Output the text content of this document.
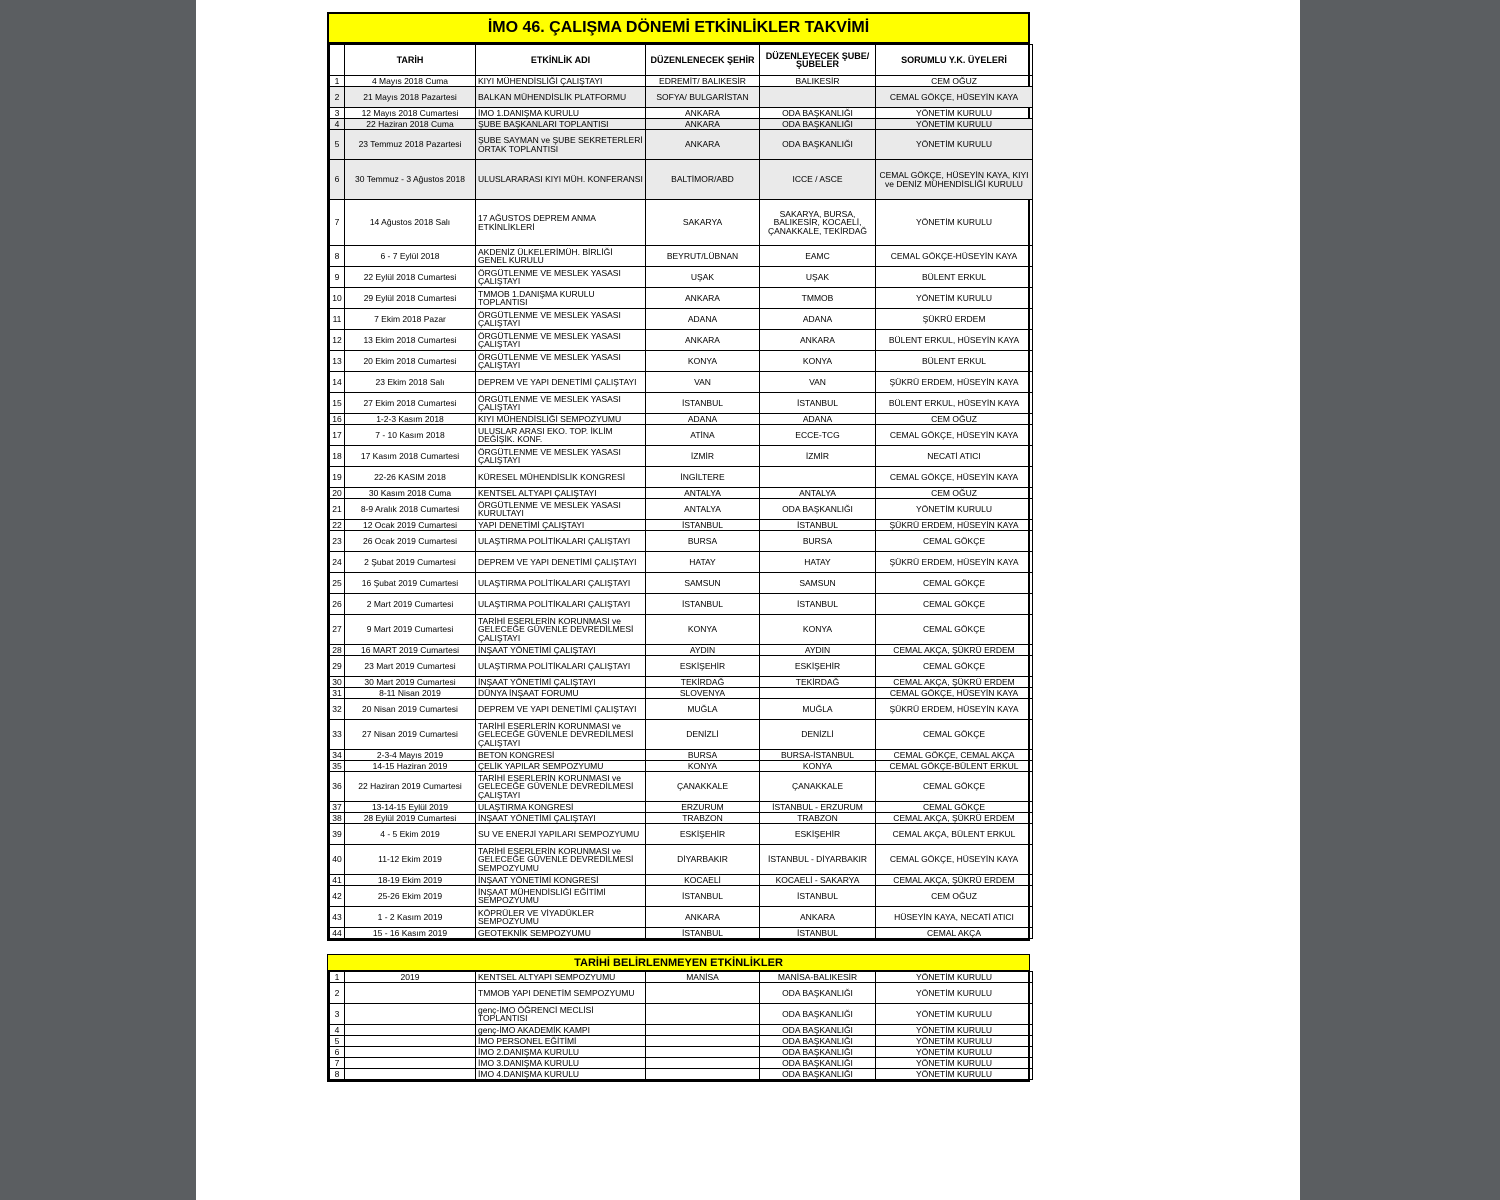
İMO 46. ÇALIŞMA DÖNEMİ ETKİNLİKLER TAKVİMİ
	TARİH	ETKİNLİK ADI	DÜZENLENECEK ŞEHİR	DÜZENLEYECEK ŞUBE/ ŞUBELER	SORUMLU Y.K. ÜYELERİ
1	4 Mayıs 2018 Cuma	KIYI MÜHENDİSLİĞİ ÇALIŞTAYI	EDREMİT/ BALIKESİR	BALIKESİR	CEM OĞUZ
2	21 Mayıs 2018 Pazartesi	BALKAN MÜHENDİSLİK PLATFORMU	SOFYA/ BULGARİSTAN		CEMAL GÖKÇE, HÜSEYİN KAYA
3	12 Mayıs 2018 Cumartesi	İMO 1.DANIŞMA KURULU	ANKARA	ODA BAŞKANLIĞI	YÖNETİM KURULU
4	22 Haziran 2018 Cuma	ŞUBE BAŞKANLARI TOPLANTISI	ANKARA	ODA BAŞKANLIĞI	YÖNETİM KURULU
5	23 Temmuz 2018 Pazartesi	ŞUBE SAYMAN ve ŞUBE SEKRETERLERİ ORTAK TOPLANTISI	ANKARA	ODA BAŞKANLIĞI	YÖNETİM KURULU
6	30 Temmuz - 3 Ağustos 2018	ULUSLARARASI KIYI MÜH. KONFERANSI	BALTİMOR/ABD	ICCE / ASCE	CEMAL GÖKÇE, HÜSEYİN KAYA, KIYI ve DENİZ MÜHENDİSLİĞİ KURULU
7	14 Ağustos 2018 Salı	17 AĞUSTOS DEPREM ANMA ETKİNLİKLERİ	SAKARYA	SAKARYA, BURSA, BALIKESİR, KOCAELİ, ÇANAKKALE, TEKİRDAĞ	YÖNETİM KURULU
8	6 - 7 Eylül 2018	AKDENİZ ÜLKELERİMÜH. BİRLİĞİ GENEL KURULU	BEYRUT/LÜBNAN	EAMC	CEMAL GÖKÇE-HÜSEYİN KAYA
9	22 Eylül 2018 Cumartesi	ÖRGÜTLENME VE MESLEK YASASI ÇALIŞTAYI	UŞAK	UŞAK	BÜLENT ERKUL
10	29 Eylül 2018 Cumartesi	TMMOB 1.DANIŞMA KURULU TOPLANTISI	ANKARA	TMMOB	YÖNETİM KURULU
11	7 Ekim 2018 Pazar	ÖRGÜTLENME VE MESLEK YASASI ÇALIŞTAYI	ADANA	ADANA	ŞÜKRÜ ERDEM
12	13 Ekim 2018 Cumartesi	ÖRGÜTLENME VE MESLEK YASASI ÇALIŞTAYI	ANKARA	ANKARA	BÜLENT ERKUL, HÜSEYİN KAYA
13	20 Ekim 2018 Cumartesi	ÖRGÜTLENME VE MESLEK YASASI ÇALIŞTAYI	KONYA	KONYA	BÜLENT ERKUL
14	23 Ekim 2018 Salı	DEPREM VE YAPI DENETİMİ ÇALIŞTAYI	VAN	VAN	ŞÜKRÜ ERDEM, HÜSEYİN KAYA
15	27 Ekim 2018 Cumartesi	ÖRGÜTLENME VE MESLEK YASASI ÇALIŞTAYI	İSTANBUL	İSTANBUL	BÜLENT ERKUL, HÜSEYİN KAYA
16	1-2-3 Kasım 2018	KIYI MÜHENDİSLİĞİ SEMPOZYUMU	ADANA	ADANA	CEM OĞUZ
17	7 - 10 Kasım 2018	ULUSLAR ARASI EKO. TOP. İKLİM DEĞİŞİK. KONF.	ATİNA	ECCE-TCG	CEMAL GÖKÇE, HÜSEYİN KAYA
18	17 Kasım 2018 Cumartesi	ÖRGÜTLENME VE MESLEK YASASI ÇALIŞTAYI	İZMİR	İZMİR	NECATİ ATICI
19	22-26 KASIM 2018	KÜRESEL MÜHENDİSLİK KONGRESİ	İNGİLTERE		CEMAL GÖKÇE, HÜSEYİN KAYA
20	30 Kasım 2018 Cuma	KENTSEL ALTYAPI ÇALIŞTAYI	ANTALYA	ANTALYA	CEM OĞUZ
21	8-9 Aralık 2018 Cumartesi	ÖRGÜTLENME VE MESLEK YASASI KURULTAYI	ANTALYA	ODA BAŞKANLIĞI	YÖNETİM KURULU
22	12 Ocak 2019 Cumartesi	YAPI DENETİMİ ÇALIŞTAYI	İSTANBUL	İSTANBUL	ŞÜKRÜ ERDEM, HÜSEYİN KAYA
23	26 Ocak 2019 Cumartesi	ULAŞTIRMA POLİTİKALARI ÇALIŞTAYI	BURSA	BURSA	CEMAL GÖKÇE
24	2 Şubat 2019 Cumartesi	DEPREM VE YAPI DENETİMİ ÇALIŞTAYI	HATAY	HATAY	ŞÜKRÜ ERDEM, HÜSEYİN KAYA
25	16 Şubat 2019 Cumartesi	ULAŞTIRMA POLİTİKALARI ÇALIŞTAYI	SAMSUN	SAMSUN	CEMAL GÖKÇE
26	2 Mart 2019 Cumartesi	ULAŞTIRMA POLİTİKALARI ÇALIŞTAYI	İSTANBUL	İSTANBUL	CEMAL GÖKÇE
27	9 Mart 2019 Cumartesi	TARİHİ ESERLERİN KORUNMASI ve GELECEĞE GÜVENLE DEVREDİLMESİ ÇALIŞTAYI	KONYA	KONYA	CEMAL GÖKÇE
28	16 MART 2019 Cumartesi	İNŞAAT YÖNETİMİ ÇALIŞTAYI	AYDIN	AYDIN	CEMAL AKÇA, ŞÜKRÜ ERDEM
29	23 Mart 2019 Cumartesi	ULAŞTIRMA POLİTİKALARI ÇALIŞTAYI	ESKİŞEHİR	ESKİŞEHİR	CEMAL GÖKÇE
30	30 Mart 2019 Cumartesi	İNŞAAT YÖNETİMİ ÇALIŞTAYI	TEKİRDAĞ	TEKİRDAĞ	CEMAL AKÇA, ŞÜKRÜ ERDEM
31	8-11 Nisan 2019	DÜNYA İNŞAAT FORUMU	SLOVENYA		CEMAL GÖKÇE, HÜSEYİN KAYA
32	20 Nisan 2019 Cumartesi	DEPREM VE YAPI DENETİMİ ÇALIŞTAYI	MUĞLA	MUĞLA	ŞÜKRÜ ERDEM, HÜSEYİN KAYA
33	27 Nisan 2019 Cumartesi	TARİHİ ESERLERİN KORUNMASI ve GELECEĞE GÜVENLE DEVREDİLMESİ ÇALIŞTAYI	DENİZLİ	DENİZLİ	CEMAL GÖKÇE
34	2-3-4 Mayıs 2019	BETON KONGRESİ	BURSA	BURSA-İSTANBUL	CEMAL GÖKÇE, CEMAL AKÇA
35	14-15 Haziran 2019	ÇELİK YAPILAR SEMPOZYUMU	KONYA	KONYA	CEMAL GÖKÇE-BÜLENT ERKUL
36	22 Haziran 2019 Cumartesi	TARİHİ ESERLERİN KORUNMASI ve GELECEĞE GÜVENLE DEVREDİLMESİ ÇALIŞTAYI	ÇANAKKALE	ÇANAKKALE	CEMAL GÖKÇE
37	13-14-15 Eylül 2019	ULAŞTIRMA KONGRESİ	ERZURUM	İSTANBUL - ERZURUM	CEMAL GÖKÇE
38	28 Eylül 2019 Cumartesi	İNŞAAT YÖNETİMİ ÇALIŞTAYI	TRABZON	TRABZON	CEMAL AKÇA, ŞÜKRÜ ERDEM
39	4 - 5 Ekim 2019	SU VE ENERJİ YAPILARI SEMPOZYUMU	ESKİŞEHİR	ESKİŞEHİR	CEMAL AKÇA, BÜLENT ERKUL
40	11-12 Ekim 2019	TARİHİ ESERLERİN KORUNMASI ve GELECEĞE GÜVENLE DEVREDİLMESİ SEMPOZYUMU	DİYARBAKIR	İSTANBUL - DİYARBAKIR	CEMAL GÖKÇE, HÜSEYİN KAYA
41	18-19 Ekim 2019	İNŞAAT YÖNETİMİ KONGRESİ	KOCAELİ	KOCAELİ - SAKARYA	CEMAL AKÇA, ŞÜKRÜ ERDEM
42	25-26 Ekim 2019	İNŞAAT MÜHENDİSLİĞİ EĞİTİMİ SEMPOZYUMU	İSTANBUL	İSTANBUL	CEM OĞUZ
43	1 - 2 Kasım 2019	KÖPRÜLER VE VİYADÜKLER SEMPOZYUMU	ANKARA	ANKARA	HÜSEYİN KAYA, NECATİ ATICI
44	15 - 16 Kasım 2019	GEOTEKNİK SEMPOZYUMU	İSTANBUL	İSTANBUL	CEMAL AKÇA
TARİHİ BELİRLENMEYEN ETKİNLİKLER
1	2019	KENTSEL ALTYAPI SEMPOZYUMU	MANİSA	MANİSA-BALIKESİR	YÖNETİM KURULU
2		TMMOB YAPI DENETİM SEMPOZYUMU		ODA BAŞKANLIĞI	YÖNETİM KURULU
3		genç-İMO ÖĞRENCİ MECLİSİ TOPLANTISI		ODA BAŞKANLIĞI	YÖNETİM KURULU
4		genç-İMO AKADEMİK KAMPI		ODA BAŞKANLIĞI	YÖNETİM KURULU
5		İMO PERSONEL EĞİTİMİ		ODA BAŞKANLIĞI	YÖNETİM KURULU
6		İMO 2.DANIŞMA KURULU		ODA BAŞKANLIĞI	YÖNETİM KURULU
7		İMO 3.DANIŞMA KURULU		ODA BAŞKANLIĞI	YÖNETİM KURULU
8		İMO 4.DANIŞMA KURULU		ODA BAŞKANLIĞI	YÖNETİM KURULU
